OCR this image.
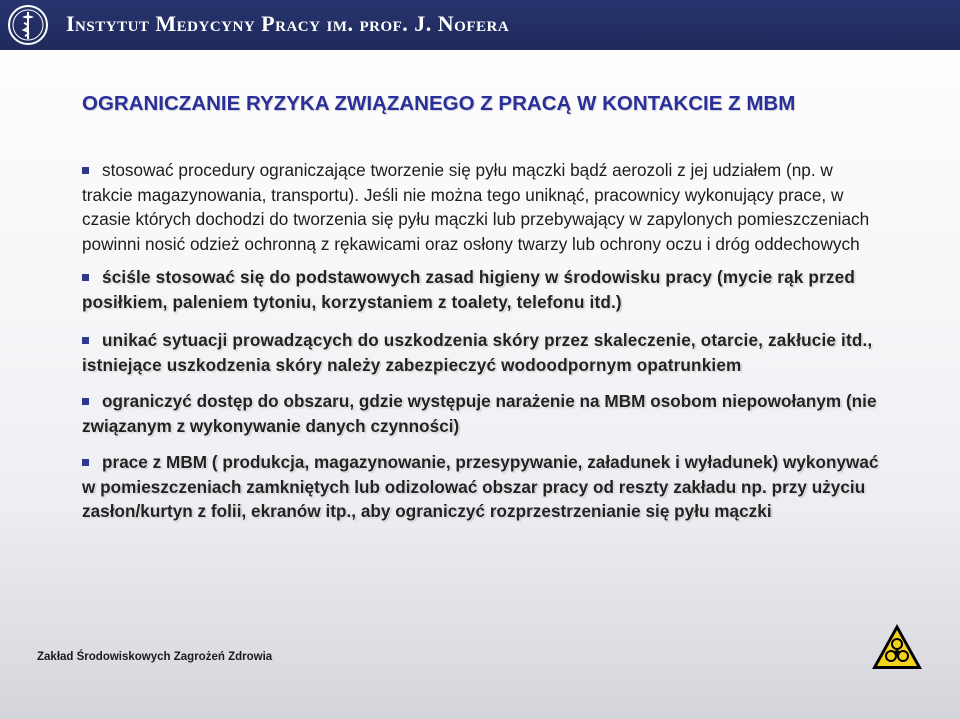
Instytut Medycyny Pracy im. prof. J. Nofera
OGRANICZANIE RYZYKA ZWIĄZANEGO Z PRACĄ W KONTAKCIE Z MBM
stosować procedury ograniczające tworzenie się pyłu mączki bądź aerozoli z jej udziałem (np. w trakcie magazynowania, transportu). Jeśli nie można tego uniknąć, pracownicy wykonujący prace, w czasie których dochodzi do tworzenia się pyłu mączki lub przebywający w zapylonych pomieszczeniach powinni nosić odzież ochronną z rękawicami oraz osłony twarzy lub ochrony oczu i dróg oddechowych
ściśle stosować się do podstawowych zasad higieny w środowisku pracy (mycie rąk przed posiłkiem, paleniem tytoniu, korzystaniem z toalety, telefonu itd.)
unikać sytuacji prowadzących do uszkodzenia skóry przez skaleczenie, otarcie, zakłucie itd., istniejące uszkodzenia skóry należy zabezpieczyć wodoodpornym opatrunkiem
ograniczyć dostęp do obszaru, gdzie występuje narażenie na MBM osobom niepowołanym (nie związanym z wykonywanie danych czynności)
prace z MBM ( produkcja, magazynowanie, przesypywanie, załadunek i wyładunek) wykonywać w pomieszczeniach zamkniętych lub odizolować obszar pracy od reszty zakładu np. przy użyciu zasłon/kurtyn z folii, ekranów itp., aby ograniczyć rozprzestrzenianie się pyłu mączki
Zakład Środowiskowych Zagrożeń Zdrowia
